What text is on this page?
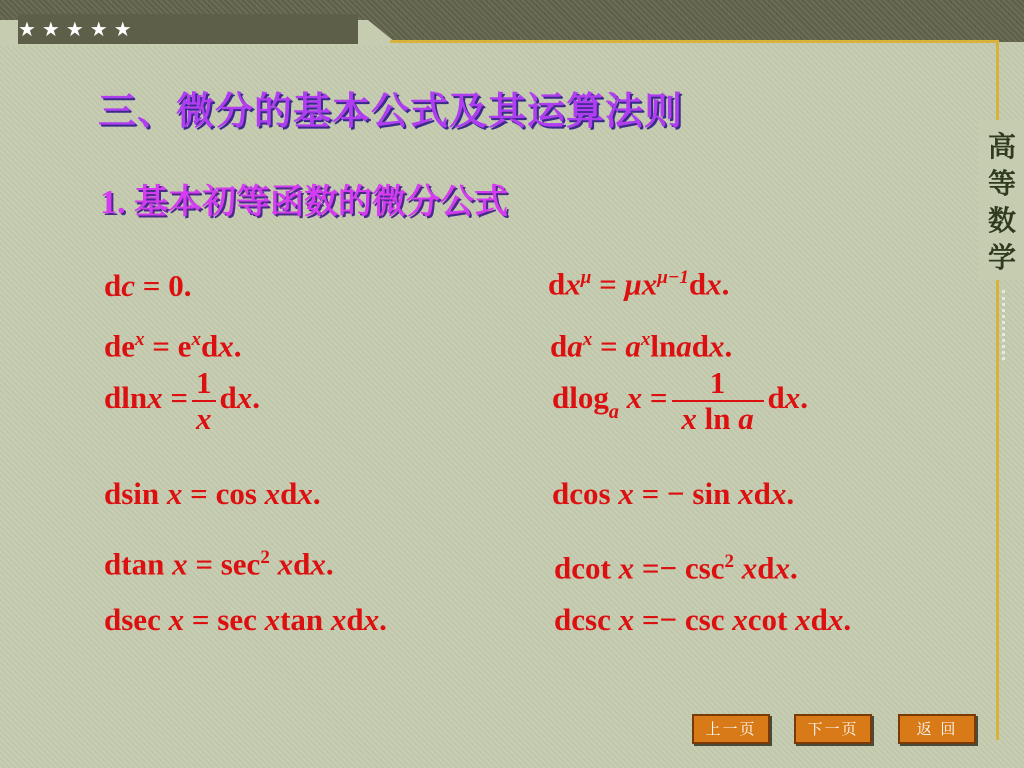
★★★★★
高
等
数
学
三、微分的基本公式及其运算法则
1. 基本初等函数的微分公式
dc = 0.	$dx^\mu = \mu x^{\mu-1}dx$.
$de^x = e^xdx$.	$da^x$ = $a^xlnadx$.
$dlnx = \frac{1}{x}$ dx.	dlog$_a$ $x = \frac{1}{\text{x ln a}}$ dx.
dsin x = cos xdx.	dcos x = − sin xdx.
dtan $x = \sec^2$ xdx.	dcot $x =- \csc^2$ xdx.
dsec x = sec xtan xdx.	dcsc x =− csc xcot xdx.
上一页	下一页	返 回
